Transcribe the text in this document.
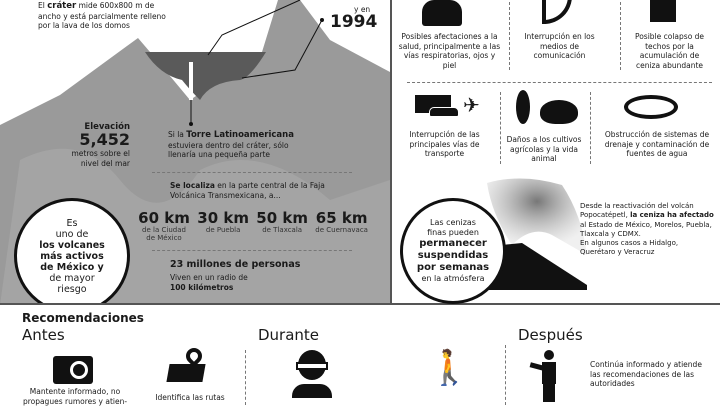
El cráter mide 600x800 m de ancho y está parcialmente relleno por la lava de los domos
y en
1994
Elevación
5,452
metros sobre el nivel del mar
Si la Torre Latinoamericana estuviera dentro del cráter, sólo llenaría una pequeña parte
Se localiza en la parte central de la Faja Volcánica Transmexicana, a...
60 km
de la Ciudad de México
30 km
de Puebla
50 km
de Tlaxcala
65 km
de Cuernavaca
23 millones de personas
Viven en un radio de
100 kilómetros
Es
uno de
los volcanes
más activos
de México y
de mayor
riesgo
Posibles afectaciones a la salud, principalmente a las vías respiratorias, ojos y piel
Interrupción en los medios de comunicación
Posible colapso de techos por la acumulación de ceniza abundante
✈
Interrupción de las principales vías de transporte
Daños a los cultivos agrícolas y la vida animal
Obstrucción de sistemas de drenaje y contaminación de fuentes de agua
Las cenizas
finas pueden
permanecer
suspendidas
por semanas
en la atmósfera
Desde la reactivación del volcán Popocatépetl, la ceniza ha afectado al Estado de México, Morelos, Puebla, Tlaxcala y CDMX.
En algunos casos a Hidalgo, Querétaro y Veracruz
Recomendaciones
Antes	Durante	Después
Mantente informado, no propagues rumores y atien-	Identifica las rutas
🚶	Continúa informado y atiende las recomendaciones de las autoridades
